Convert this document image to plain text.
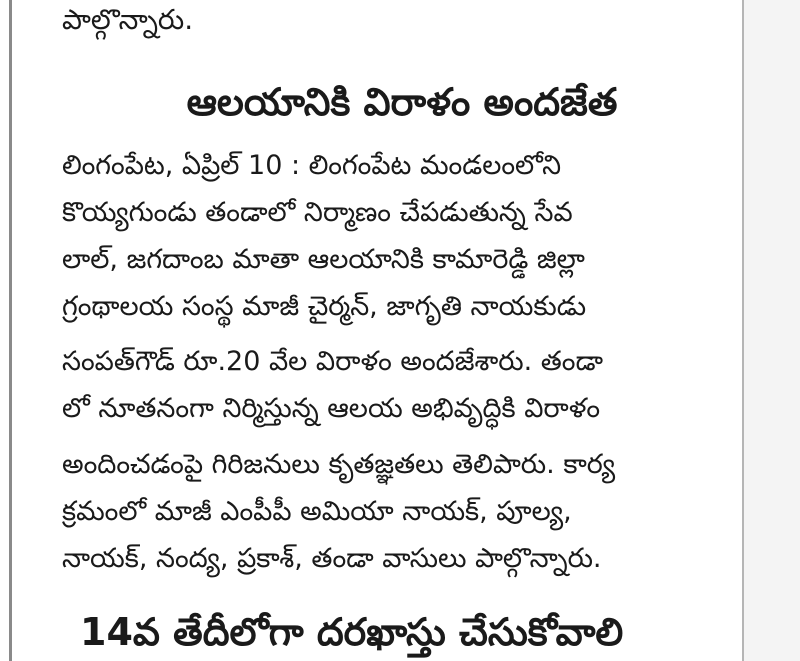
పాల్గొన్నారు.

ఆలయానికి విరాళం అందజేత

లింగంపేట, ఏప్రిల్ 10 : లింగంపేట మండలంలోని

కొయ్యగుండు తండాలో నిర్మాణం చేపడుతున్న సేవ

లాల్, జగదాంబ మాతా ఆలయానికి కామారెడ్డి జిల్లా

గ్రంథాలయ సంస్థ మాజీ చైర్మన్, జాగృతి నాయకుడు

సంపత్‌గౌడ్ రూ.20 వేల విరాళం అందజేశారు. తండా

లో నూతనంగా నిర్మిస్తున్న ఆలయ అభివృద్ధికి విరాళం

అందించడంపై గిరిజనులు కృతజ్ఞతలు తెలిపారు. కార్య

క్రమంలో మాజీ ఎంపీపీ అమియా నాయక్, పూల్య,

నాయక్, నంద్య, ప్రకాశ్, తండా వాసులు పాల్గొన్నారు.

14వ తేదీలోగా దరఖాస్తు చేసుకోవాలి
